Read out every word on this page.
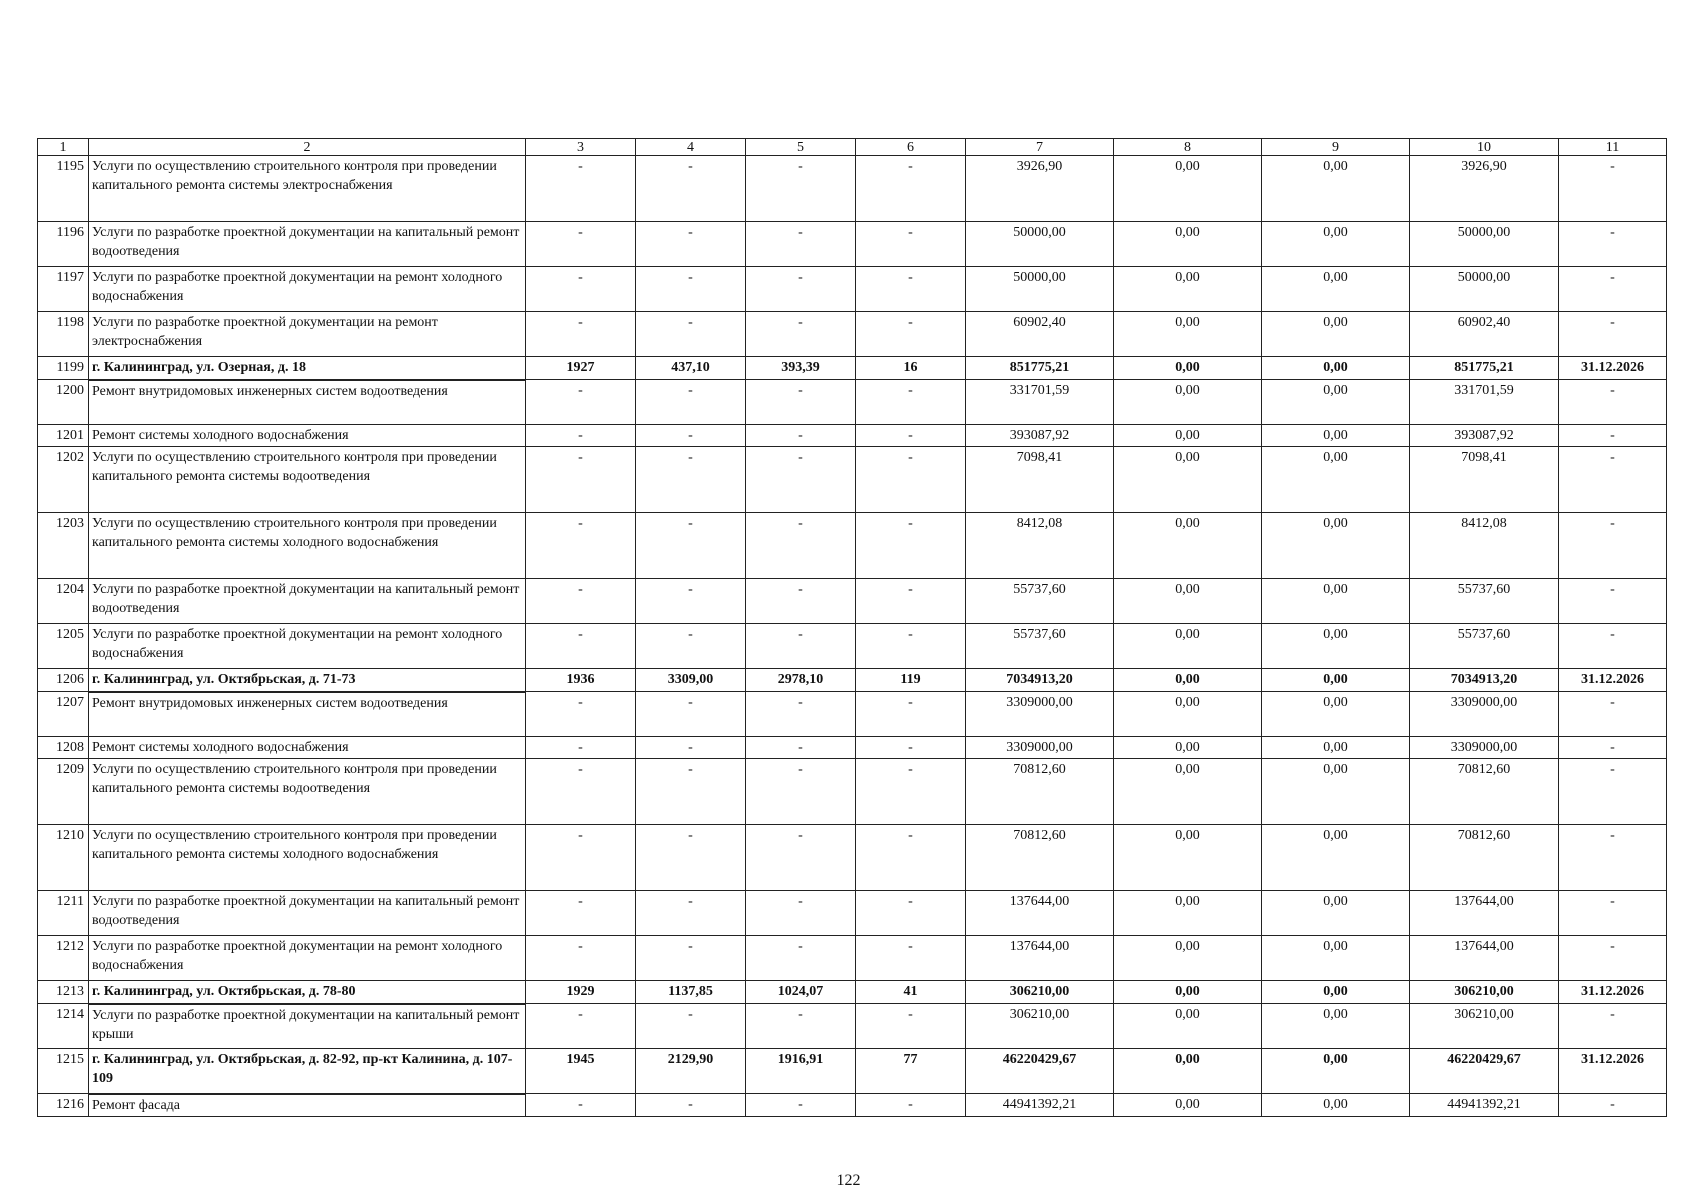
1	2	3	4	5	6	7	8	9	10	11
1195	Услуги по осуществлению строительного контроля при проведении капитального ремонта системы электроснабжения	-	-	-	-	3926,90	0,00	0,00	3926,90	-
1196	Услуги по разработке проектной документации на капитальный ремонт водоотведения	-	-	-	-	50000,00	0,00	0,00	50000,00	-
1197	Услуги по разработке проектной документации на ремонт холодного водоснабжения	-	-	-	-	50000,00	0,00	0,00	50000,00	-
1198	Услуги по разработке проектной документации на ремонт электроснабжения	-	-	-	-	60902,40	0,00	0,00	60902,40	-
1199	г. Калининград, ул. Озерная, д. 18	1927	437,10	393,39	16	851775,21	0,00	0,00	851775,21	31.12.2026
1200	Ремонт внутридомовых инженерных систем водоотведения	-	-	-	-	331701,59	0,00	0,00	331701,59	-
1201	Ремонт системы холодного водоснабжения	-	-	-	-	393087,92	0,00	0,00	393087,92	-
1202	Услуги по осуществлению строительного контроля при проведении капитального ремонта системы водоотведения	-	-	-	-	7098,41	0,00	0,00	7098,41	-
1203	Услуги по осуществлению строительного контроля при проведении капитального ремонта системы холодного водоснабжения	-	-	-	-	8412,08	0,00	0,00	8412,08	-
1204	Услуги по разработке проектной документации на капитальный ремонт водоотведения	-	-	-	-	55737,60	0,00	0,00	55737,60	-
1205	Услуги по разработке проектной документации на ремонт холодного водоснабжения	-	-	-	-	55737,60	0,00	0,00	55737,60	-
1206	г. Калининград, ул. Октябрьская, д. 71-73	1936	3309,00	2978,10	119	7034913,20	0,00	0,00	7034913,20	31.12.2026
1207	Ремонт внутридомовых инженерных систем водоотведения	-	-	-	-	3309000,00	0,00	0,00	3309000,00	-
1208	Ремонт системы холодного водоснабжения	-	-	-	-	3309000,00	0,00	0,00	3309000,00	-
1209	Услуги по осуществлению строительного контроля при проведении капитального ремонта системы водоотведения	-	-	-	-	70812,60	0,00	0,00	70812,60	-
1210	Услуги по осуществлению строительного контроля при проведении капитального ремонта системы холодного водоснабжения	-	-	-	-	70812,60	0,00	0,00	70812,60	-
1211	Услуги по разработке проектной документации на капитальный ремонт водоотведения	-	-	-	-	137644,00	0,00	0,00	137644,00	-
1212	Услуги по разработке проектной документации на ремонт холодного водоснабжения	-	-	-	-	137644,00	0,00	0,00	137644,00	-
1213	г. Калининград, ул. Октябрьская, д. 78-80	1929	1137,85	1024,07	41	306210,00	0,00	0,00	306210,00	31.12.2026
1214	Услуги по разработке проектной документации на капитальный ремонт крыши	-	-	-	-	306210,00	0,00	0,00	306210,00	-
1215	г. Калининград, ул. Октябрьская, д. 82-92, пр-кт Калинина, д. 107-109	1945	2129,90	1916,91	77	46220429,67	0,00	0,00	46220429,67	31.12.2026
1216	Ремонт фасада	-	-	-	-	44941392,21	0,00	0,00	44941392,21	-
122
